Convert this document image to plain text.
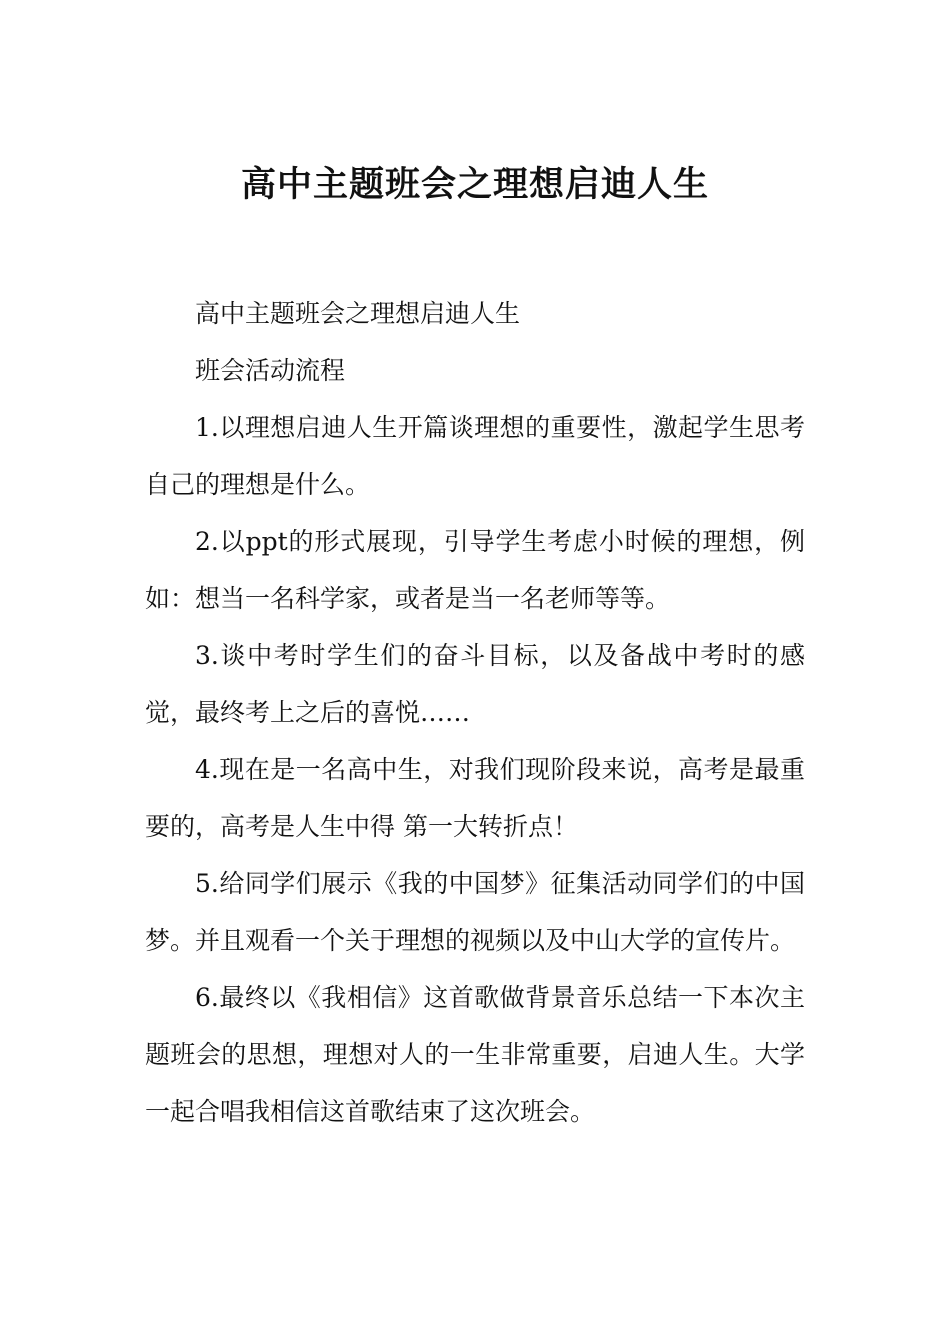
高中主题班会之理想启迪人生

高中主题班会之理想启迪人生

班会活动流程

1.以理想启迪人生开篇谈理想的重要性，激起学生思考自己的理想是什么。

2.以ppt的形式展现，引导学生考虑小时候的理想，例如：想当一名科学家，或者是当一名老师等等。

3.谈中考时学生们的奋斗目标，以及备战中考时的感觉，最终考上之后的喜悦……

4.现在是一名高中生，对我们现阶段来说，高考是最重要的，高考是人生中得 第一大转折点！

5.给同学们展示《我的中国梦》征集活动同学们的中国梦。并且观看一个关于理想的视频以及中山大学的宣传片。

6.最终以《我相信》这首歌做背景音乐总结一下本次主题班会的思想，理想对人的一生非常重要，启迪人生。大学一起合唱我相信这首歌结束了这次班会。
